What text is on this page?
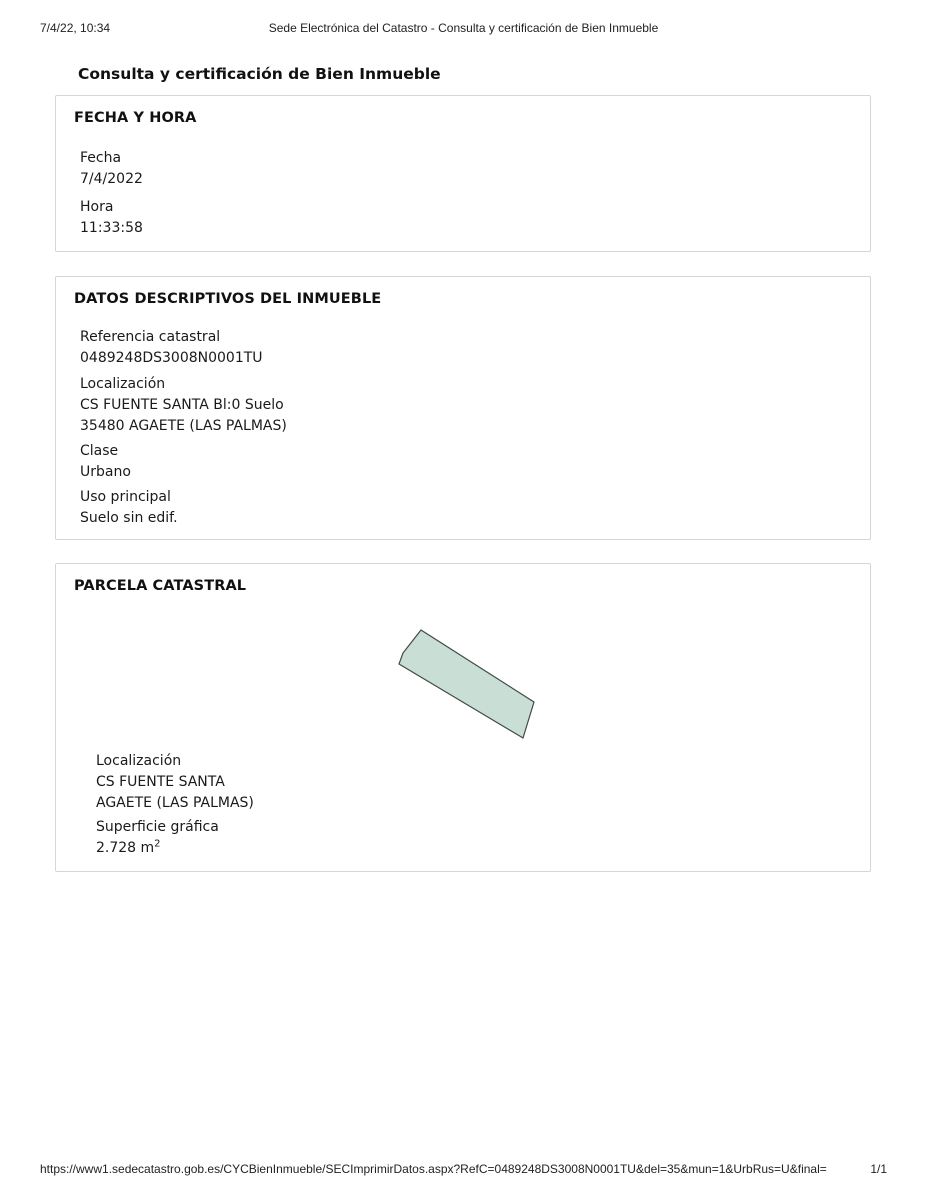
7/4/22, 10:34	Sede Electrónica del Catastro - Consulta y certificación de Bien Inmueble
Consulta y certificación de Bien Inmueble
FECHA Y HORA
Fecha
7/4/2022
Hora
11:33:58
DATOS DESCRIPTIVOS DEL INMUEBLE
Referencia catastral
0489248DS3008N0001TU
Localización
CS FUENTE SANTA Bl:0 Suelo
35480 AGAETE (LAS PALMAS)
Clase
Urbano
Uso principal
Suelo sin edif.
PARCELA CATASTRAL
Localización
CS FUENTE SANTA
AGAETE (LAS PALMAS)
Superficie gráfica
2.728 $m^2$
https://www1.sedecatastro.gob.es/CYCBienInmueble/SECImprimirDatos.aspx?RefC=0489248DS3008N0001TU&del=35&mun=1&UrbRus=U&final=	1/1
